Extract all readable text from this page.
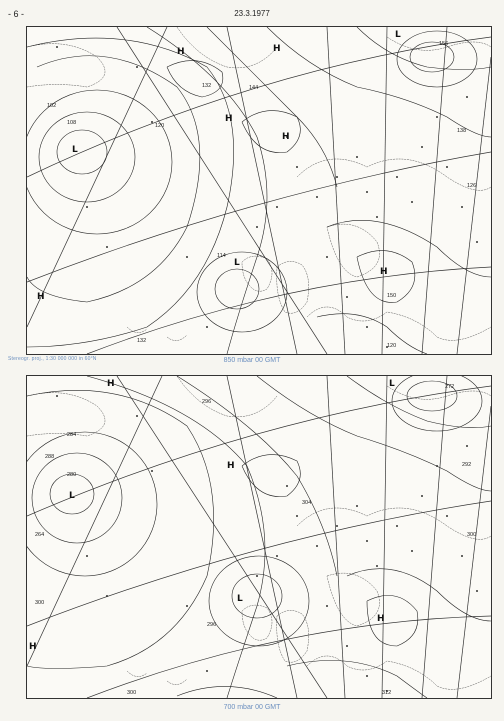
- 6 -	23.3.1977
L
L
H	H
H
H
L
H
H
108	120
132	144
156
126
138
150
114
102
120
132
Stereogr. proj., 1:30 000 000 in 60°N	850 mbar 00 GMT
L
H
L
L
H
H
H
280
288
296
304
264
272
292
300
300
296
284
312
300
700 mbar 00 GMT
